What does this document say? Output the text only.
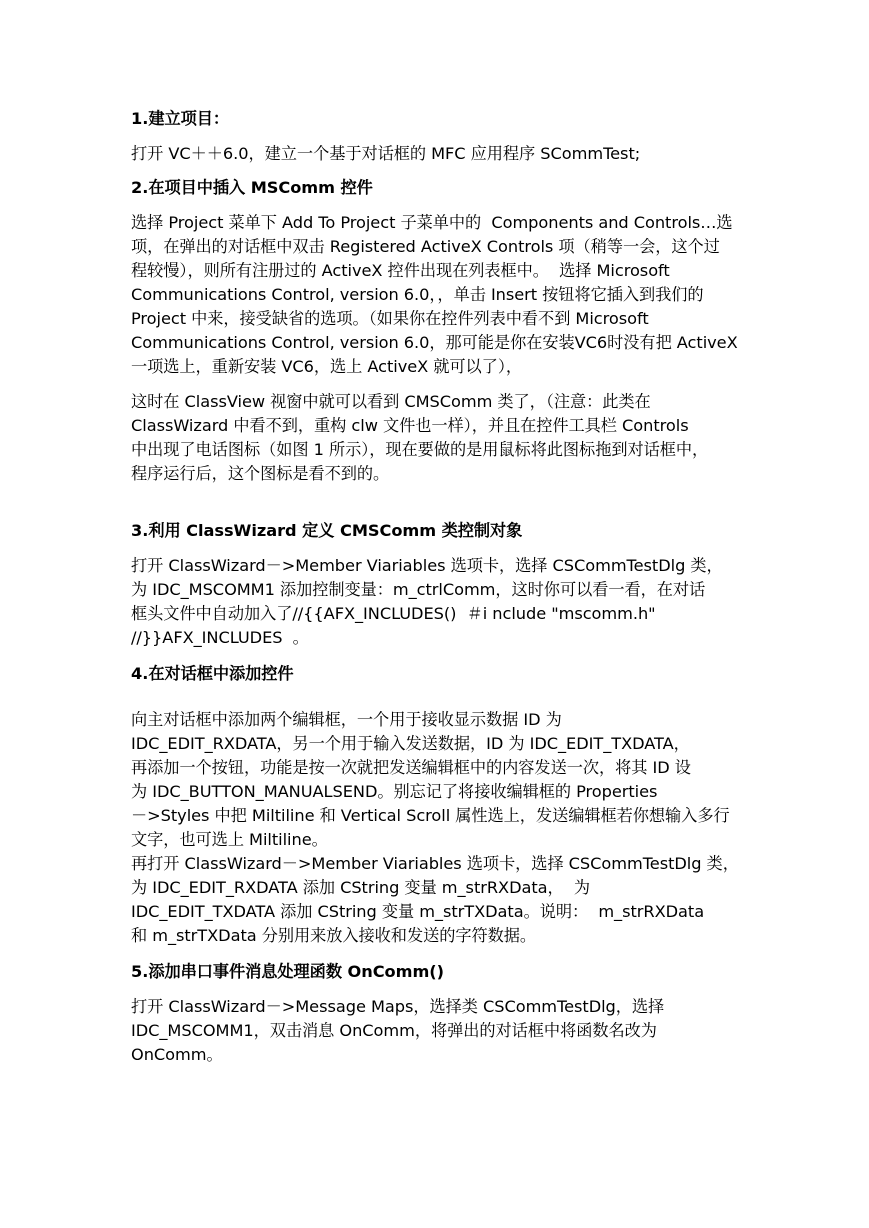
1.建立项目：

打开 VC＋＋6.0，建立一个基于对话框的 MFC 应用程序 SCommTest;

2.在项目中插入 MSComm 控件

选择 Project 菜单下 Add To Project 子菜单中的  Components and Controls…选

项，在弹出的对话框中双击 Registered ActiveX Controls 项（稍等一会，这个过

程较慢），则所有注册过的 ActiveX 控件出现在列表框中。  选择 Microsoft

Communications Control, version 6.0，，单击 Insert 按钮将它插入到我们的

Project 中来，接受缺省的选项。（如果你在控件列表中看不到 Microsoft

Communications Control, version 6.0，那可能是你在安装VC6时没有把 ActiveX

一项选上，重新安装 VC6，选上 ActiveX 就可以了），

这时在 ClassView 视窗中就可以看到 CMSComm 类了，（注意：此类在

ClassWizard 中看不到，重构 clw 文件也一样），并且在控件工具栏 Controls

中出现了电话图标（如图 1 所示），现在要做的是用鼠标将此图标拖到对话框中，

程序运行后，这个图标是看不到的。

3.利用 ClassWizard 定义 CMSComm 类控制对象

打开 ClassWizard－>Member Viariables 选项卡，选择 CSCommTestDlg 类，

为 IDC_MSCOMM1 添加控制变量：m_ctrlComm，这时你可以看一看，在对话

框头文件中自动加入了//{{AFX_INCLUDES()  ＃i nclude "mscomm.h"

//}}AFX_INCLUDES  。

4.在对话框中添加控件

向主对话框中添加两个编辑框，一个用于接收显示数据 ID 为

IDC_EDIT_RXDATA，另一个用于输入发送数据，ID 为 IDC_EDIT_TXDATA，

再添加一个按钮，功能是按一次就把发送编辑框中的内容发送一次，将其 ID 设

为 IDC_BUTTON_MANUALSEND。别忘记了将接收编辑框的 Properties

－>Styles 中把 Miltiline 和 Vertical Scroll 属性选上，发送编辑框若你想输入多行

文字，也可选上 Miltiline。

再打开 ClassWizard－>Member Viariables 选项卡，选择 CSCommTestDlg 类，

为 IDC_EDIT_RXDATA 添加 CString 变量 m_strRXData，  为

IDC_EDIT_TXDATA 添加 CString 变量 m_strTXData。说明：  m_strRXData

和 m_strTXData 分别用来放入接收和发送的字符数据。

5.添加串口事件消息处理函数 OnComm()

打开 ClassWizard－>Message Maps，选择类 CSCommTestDlg，选择

IDC_MSCOMM1，双击消息 OnComm，将弹出的对话框中将函数名改为

OnComm。
